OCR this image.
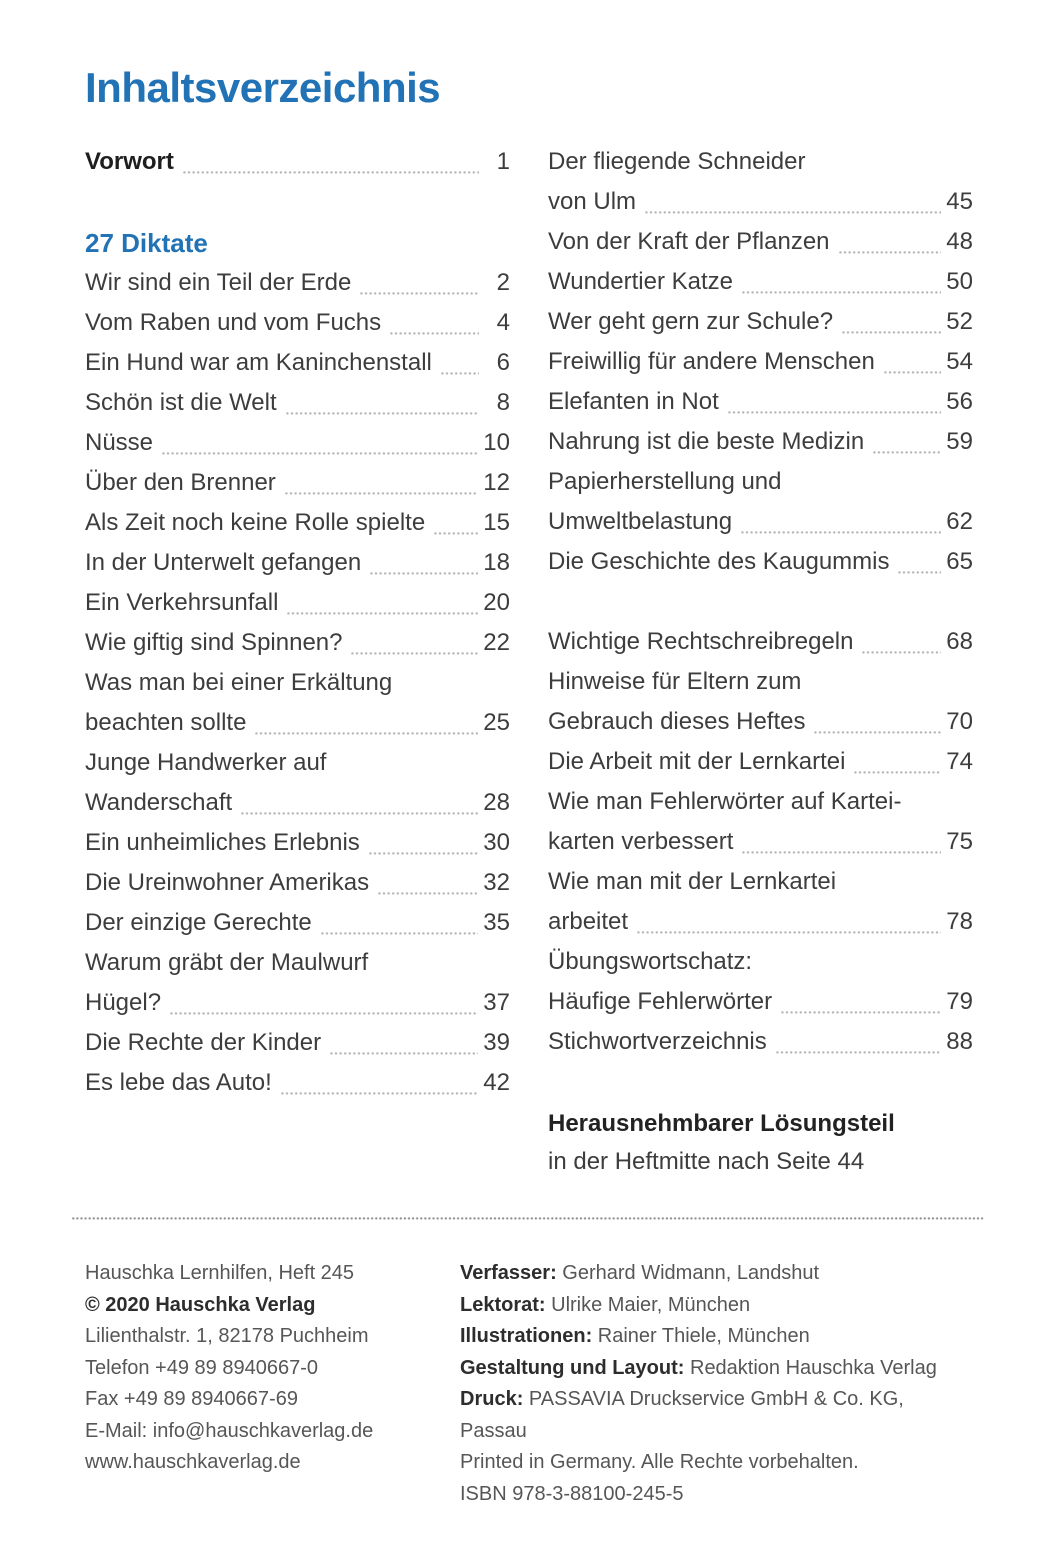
Inhaltsverzeichnis
Vorwort	1
27 Diktate
Wir sind ein Teil der Erde	2
Vom Raben und vom Fuchs	4
Ein Hund war am Kaninchenstall	6
Schön ist die Welt	8
Nüsse	10
Über den Brenner	12
Als Zeit noch keine Rolle spielte 15
In der Unterwelt gefangen	18
Ein Verkehrsunfall	20
Wie giftig sind Spinnen?	22
Was man bei einer Erkältung
beachten sollte	25
Junge Handwerker auf
Wanderschaft	28
Ein unheimliches Erlebnis	30
Die Ureinwohner Amerikas	32
Der einzige Gerechte	35
Warum gräbt der Maulwurf
Hügel?	37
Die Rechte der Kinder	39
Es lebe das Auto!	42
Der fliegende Schneider
von Ulm	45
Von der Kraft der Pflanzen	48
Wundertier Katze	50
Wer geht gern zur Schule?	52
Freiwillig für andere Menschen	54
Elefanten in Not	56
Nahrung ist die beste Medizin	59
Papierherstellung und
Umweltbelastung	62
Die Geschichte des Kaugummis 65
Wichtige Rechtschreibregeln	68
Hinweise für Eltern zum
Gebrauch dieses Heftes	70
Die Arbeit mit der Lernkartei	74
Wie man Fehlerwörter auf Kartei-
karten verbessert	75
Wie man mit der Lernkartei
arbeitet	78
Übungswortschatz:
Häufige Fehlerwörter	79
Stichwortverzeichnis	88
Herausnehmbarer Lösungsteil
in der Heftmitte nach Seite 44
Hauschka Lernhilfen, Heft 245
© 2020 Hauschka Verlag
Lilienthalstr. 1, 82178 Puchheim
Telefon +49 89 8940667-0
Fax +49 89 8940667-69
E-Mail: info@hauschkaverlag.de
www.hauschkaverlag.de
Verfasser: Gerhard Widmann, Landshut
Lektorat: Ulrike Maier, München
Illustrationen: Rainer Thiele, München
Gestaltung und Layout: Redaktion Hauschka Verlag
Druck: PASSAVIA Druckservice GmbH & Co. KG, Passau
Printed in Germany. Alle Rechte vorbehalten.
ISBN 978-3-88100-245-5
